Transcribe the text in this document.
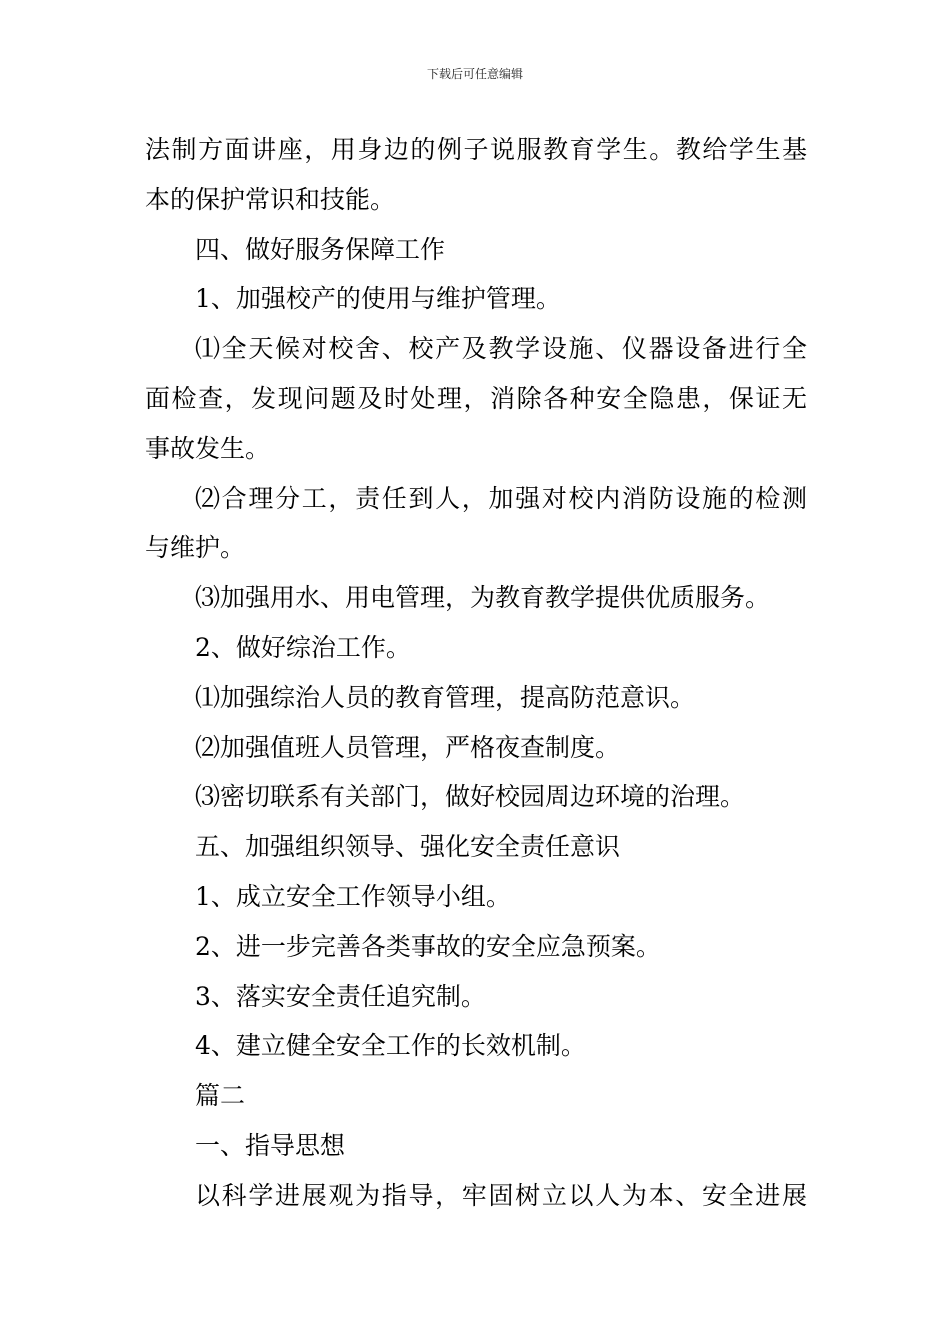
下载后可任意编辑
法制方面讲座，用身边的例子说服教育学生。教给学生基
本的保护常识和技能。
四、做好服务保障工作
1、加强校产的使用与维护管理。
⑴全天候对校舍、校产及教学设施、仪器设备进行全
面检查，发现问题及时处理，消除各种安全隐患，保证无
事故发生。
⑵合理分工，责任到人，加强对校内消防设施的检测
与维护。
⑶加强用水、用电管理，为教育教学提供优质服务。
2、做好综治工作。
⑴加强综治人员的教育管理，提高防范意识。
⑵加强值班人员管理，严格夜查制度。
⑶密切联系有关部门，做好校园周边环境的治理。
五、加强组织领导、强化安全责任意识
1、成立安全工作领导小组。
2、进一步完善各类事故的安全应急预案。
3、落实安全责任追究制。
4、建立健全安全工作的长效机制。
篇二
一、指导思想
以科学进展观为指导，牢固树立以人为本、安全进展
